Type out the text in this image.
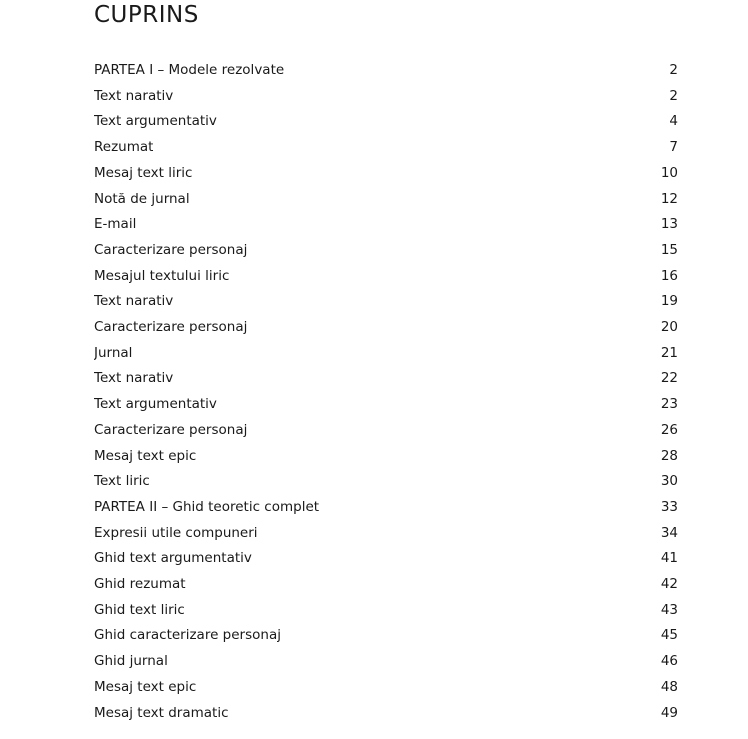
CUPRINS
PARTEA I – Modele rezolvate	2
Text narativ	2
Text argumentativ	4
Rezumat	7
Mesaj text liric	10
Notă de jurnal	12
E-mail	13
Caracterizare personaj	15
Mesajul textului liric	16
Text narativ	19
Caracterizare personaj	20
Jurnal	21
Text narativ	22
Text argumentativ	23
Caracterizare personaj	26
Mesaj text epic	28
Text liric	30
PARTEA II – Ghid teoretic complet	33
Expresii utile compuneri	34
Ghid text argumentativ	41
Ghid rezumat	42
Ghid text liric	43
Ghid caracterizare personaj	45
Ghid jurnal	46
Mesaj text epic	48
Mesaj text dramatic	49
